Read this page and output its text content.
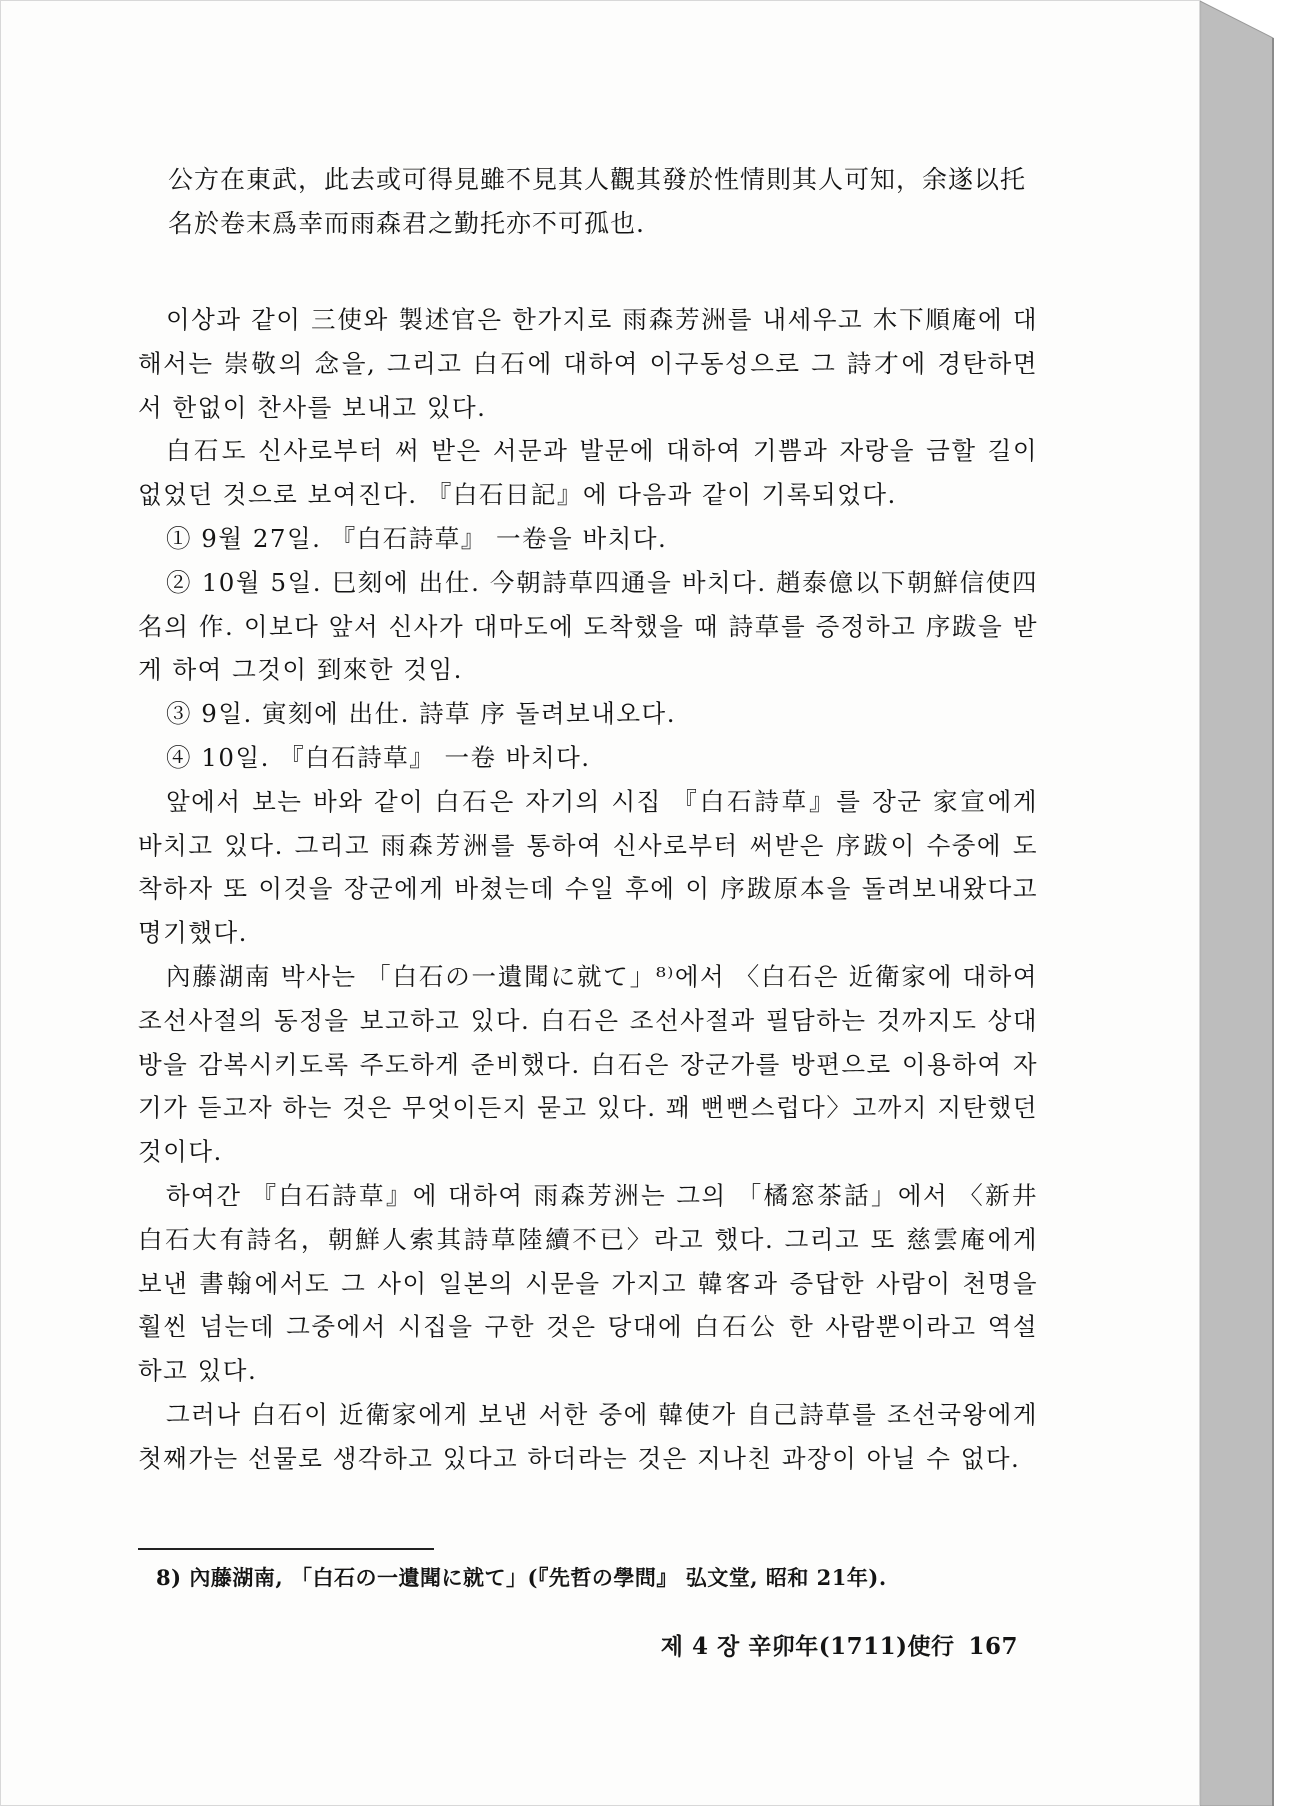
公方在東武，此去或可得見雖不見其人觀其發於性情則其人可知，余遂以托

名於卷末爲幸而雨森君之勤托亦不可孤也.

이상과 같이 三使와 製述官은 한가지로 雨森芳洲를 내세우고 木下順庵에 대해서는 崇敬의 念을, 그리고 白石에 대하여 이구동성으로 그 詩才에 경탄하면서 한없이 찬사를 보내고 있다.

白石도 신사로부터 써 받은 서문과 발문에 대하여 기쁨과 자랑을 금할 길이 없었던 것으로 보여진다. 『白石日記』에 다음과 같이 기록되었다.

① 9월 27일. 『白石詩草』 一卷을 바치다.

② 10월 5일. 巳刻에 出仕. 今朝詩草四通을 바치다. 趙泰億以下朝鮮信使四名의 作. 이보다 앞서 신사가 대마도에 도착했을 때 詩草를 증정하고 序跋을 받게 하여 그것이 到來한 것임.

③ 9일. 寅刻에 出仕. 詩草 序 돌려보내오다.

④ 10일. 『白石詩草』 一卷 바치다.

앞에서 보는 바와 같이 白石은 자기의 시집 『白石詩草』를 장군 家宣에게 바치고 있다. 그리고 雨森芳洲를 통하여 신사로부터 써받은 序跋이 수중에 도착하자 또 이것을 장군에게 바쳤는데 수일 후에 이 序跋原本을 돌려보내왔다고 명기했다.

內藤湖南 박사는 「白石の一遺聞に就て」⁸⁾에서 〈白石은 近衛家에 대하여 조선사절의 동정을 보고하고 있다. 白石은 조선사절과 필담하는 것까지도 상대방을 감복시키도록 주도하게 준비했다. 白石은 장군가를 방편으로 이용하여 자기가 듣고자 하는 것은 무엇이든지 묻고 있다. 꽤 뻔뻔스럽다〉고까지 지탄했던 것이다.

하여간 『白石詩草』에 대하여 雨森芳洲는 그의 「橘窓茶話」에서 〈新井白石大有詩名，朝鮮人索其詩草陸續不已〉라고 했다. 그리고 또 慈雲庵에게 보낸 書翰에서도 그 사이 일본의 시문을 가지고 韓客과 증답한 사람이 천명을 훨씬 넘는데 그중에서 시집을 구한 것은 당대에 白石公 한 사람뿐이라고 역설하고 있다.

그러나 白石이 近衛家에게 보낸 서한 중에 韓使가 自己詩草를 조선국왕에게 첫째가는 선물로 생각하고 있다고 하더라는 것은 지나친 과장이 아닐 수 없다.

8) 內藤湖南, 「白石の一遺聞に就て」(『先哲の學問』 弘文堂, 昭和 21年).

제 4 장 辛卯年(1711)使行 167
